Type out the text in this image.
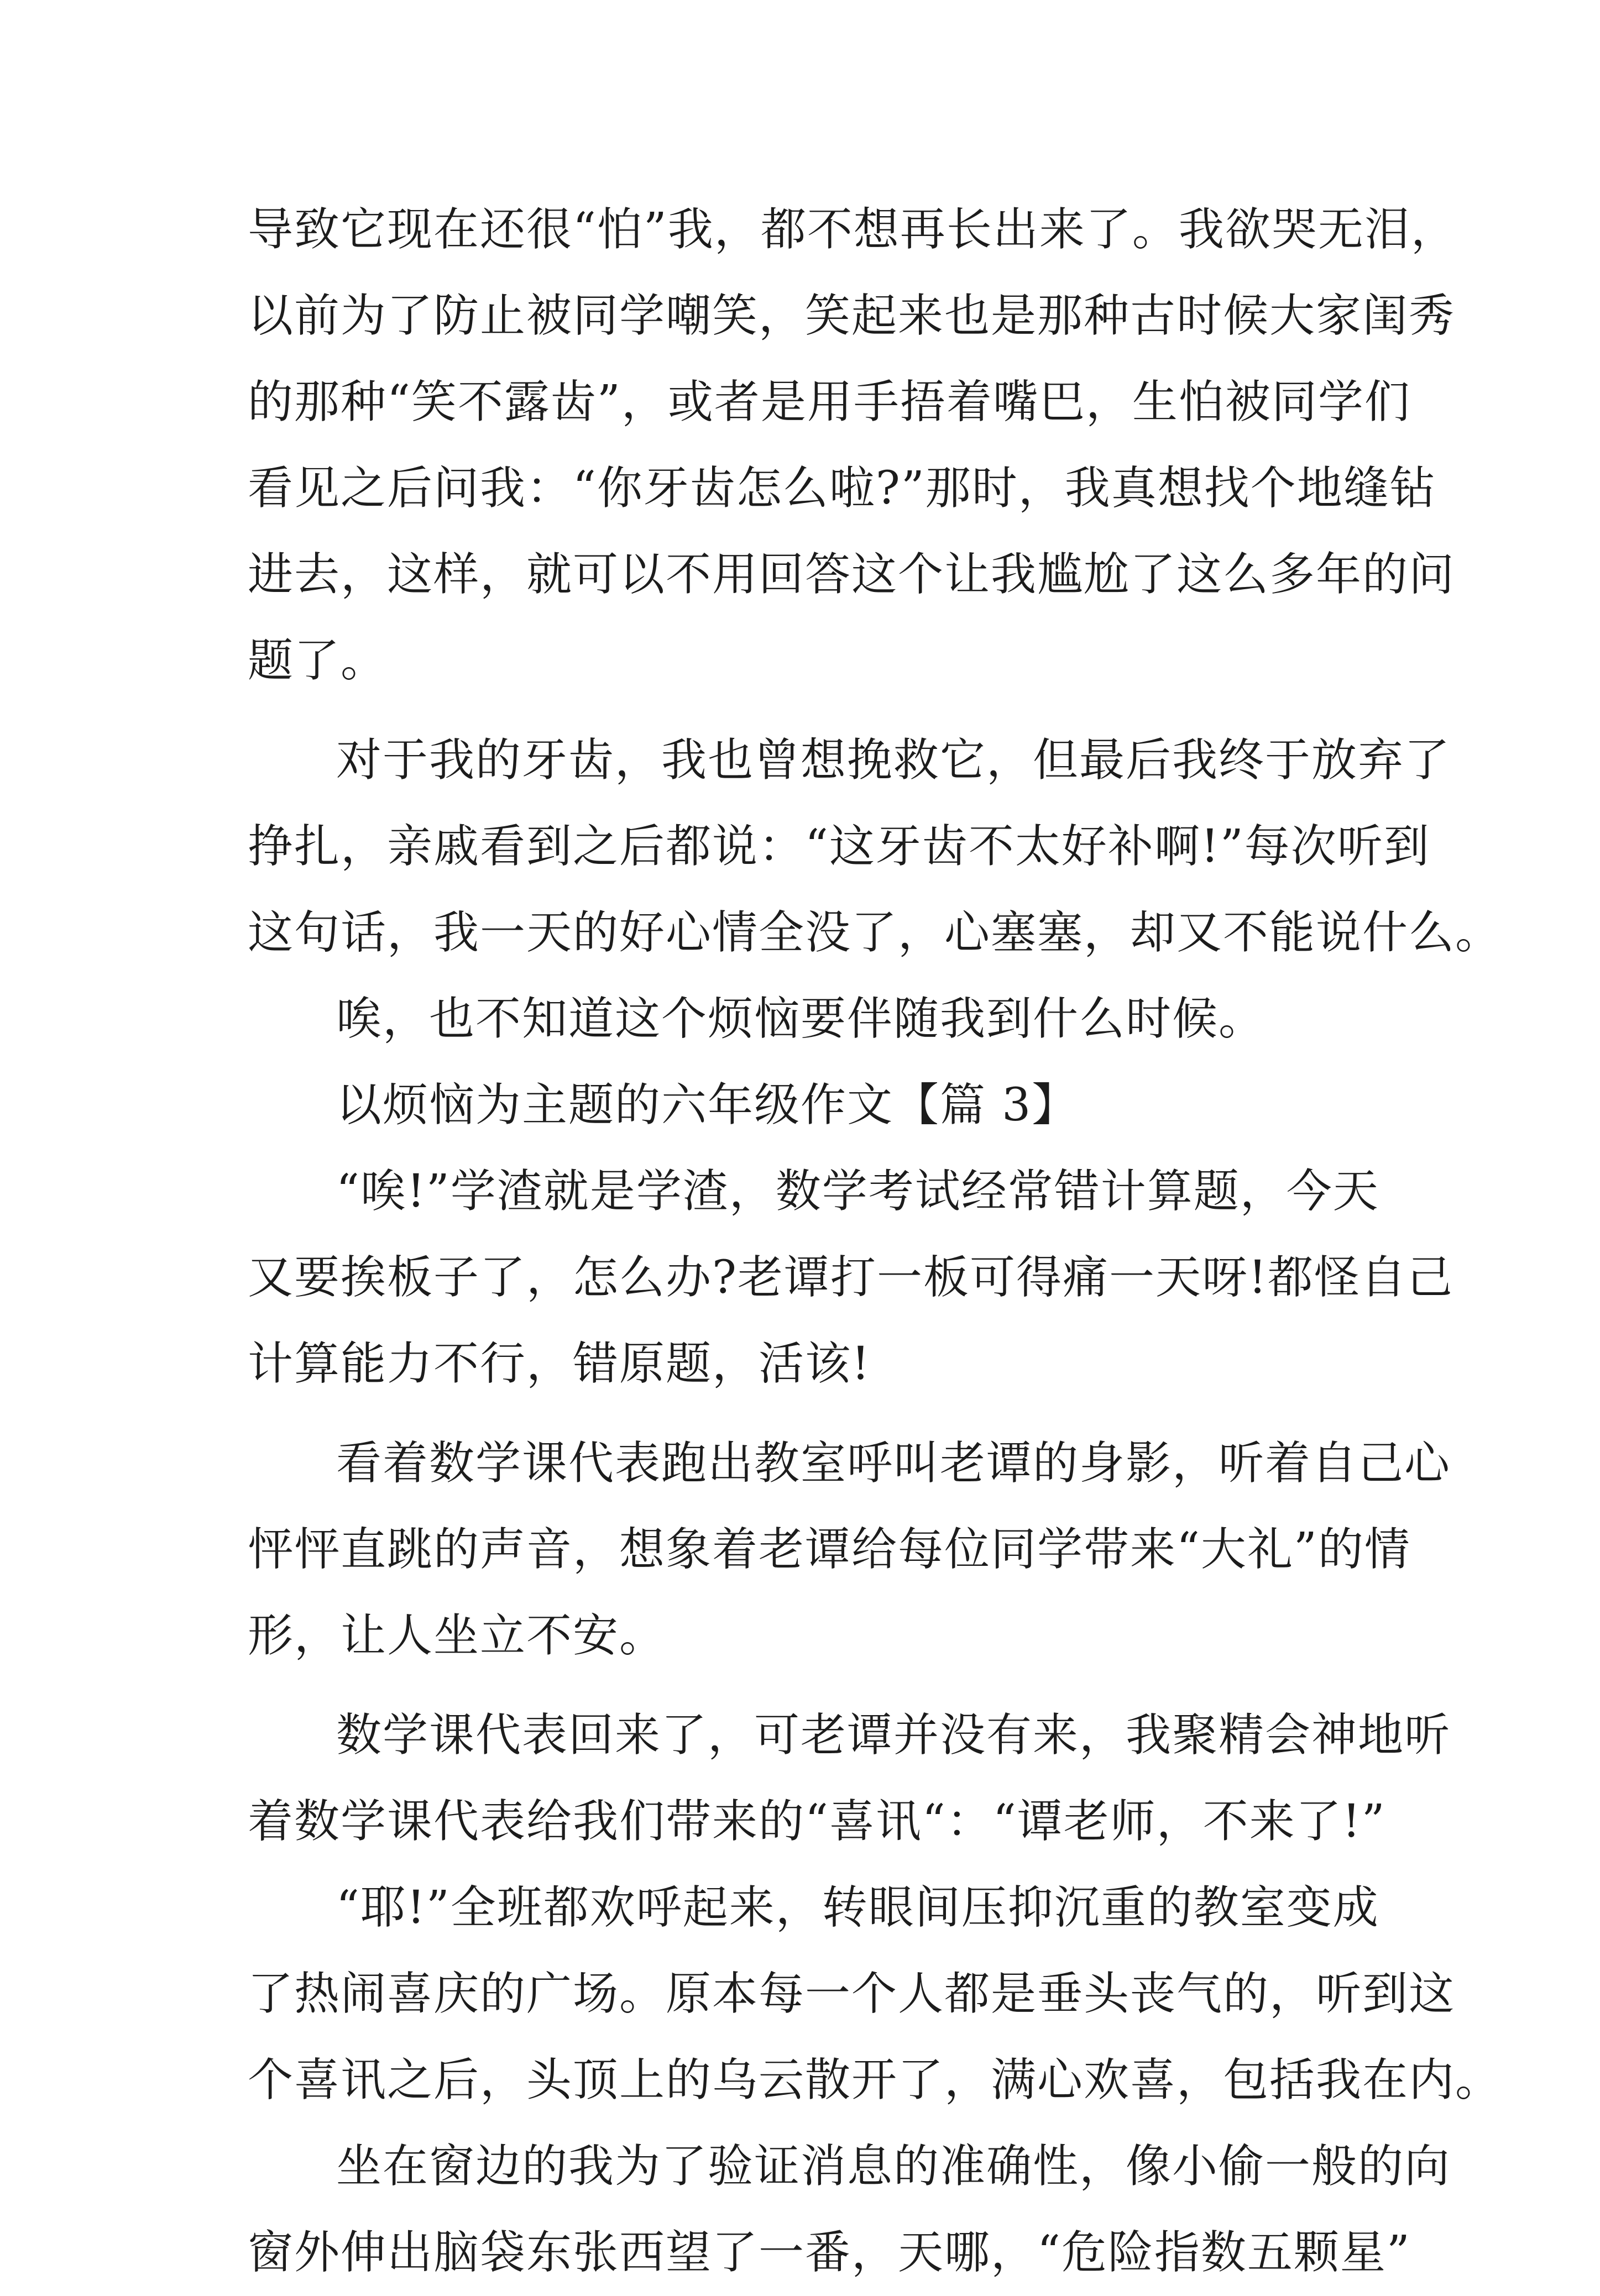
导致它现在还很“怕”我，都不想再长出来了。我欲哭无泪，
以前为了防止被同学嘲笑，笑起来也是那种古时候大家闺秀
的那种“笑不露齿”，或者是用手捂着嘴巴，生怕被同学们
看见之后问我：“你牙齿怎么啦?”那时，我真想找个地缝钻
进去，这样，就可以不用回答这个让我尴尬了这么多年的问
题了。
对于我的牙齿，我也曾想挽救它，但最后我终于放弃了
挣扎，亲戚看到之后都说：“这牙齿不太好补啊!”每次听到
这句话，我一天的好心情全没了，心塞塞，却又不能说什么。
唉，也不知道这个烦恼要伴随我到什么时候。
以烦恼为主题的六年级作文【篇 3】
“唉!”学渣就是学渣，数学考试经常错计算题，今天
又要挨板子了，怎么办?老谭打一板可得痛一天呀!都怪自己
计算能力不行，错原题，活该!
看着数学课代表跑出教室呼叫老谭的身影，听着自己心
怦怦直跳的声音，想象着老谭给每位同学带来“大礼”的情
形，让人坐立不安。
数学课代表回来了，可老谭并没有来，我聚精会神地听
着数学课代表给我们带来的“喜讯“：“谭老师，不来了!”
“耶!”全班都欢呼起来，转眼间压抑沉重的教室变成
了热闹喜庆的广场。原本每一个人都是垂头丧气的，听到这
个喜讯之后，头顶上的乌云散开了，满心欢喜，包括我在内。
坐在窗边的我为了验证消息的准确性，像小偷一般的向
窗外伸出脑袋东张西望了一番，天哪，“危险指数五颗星”
